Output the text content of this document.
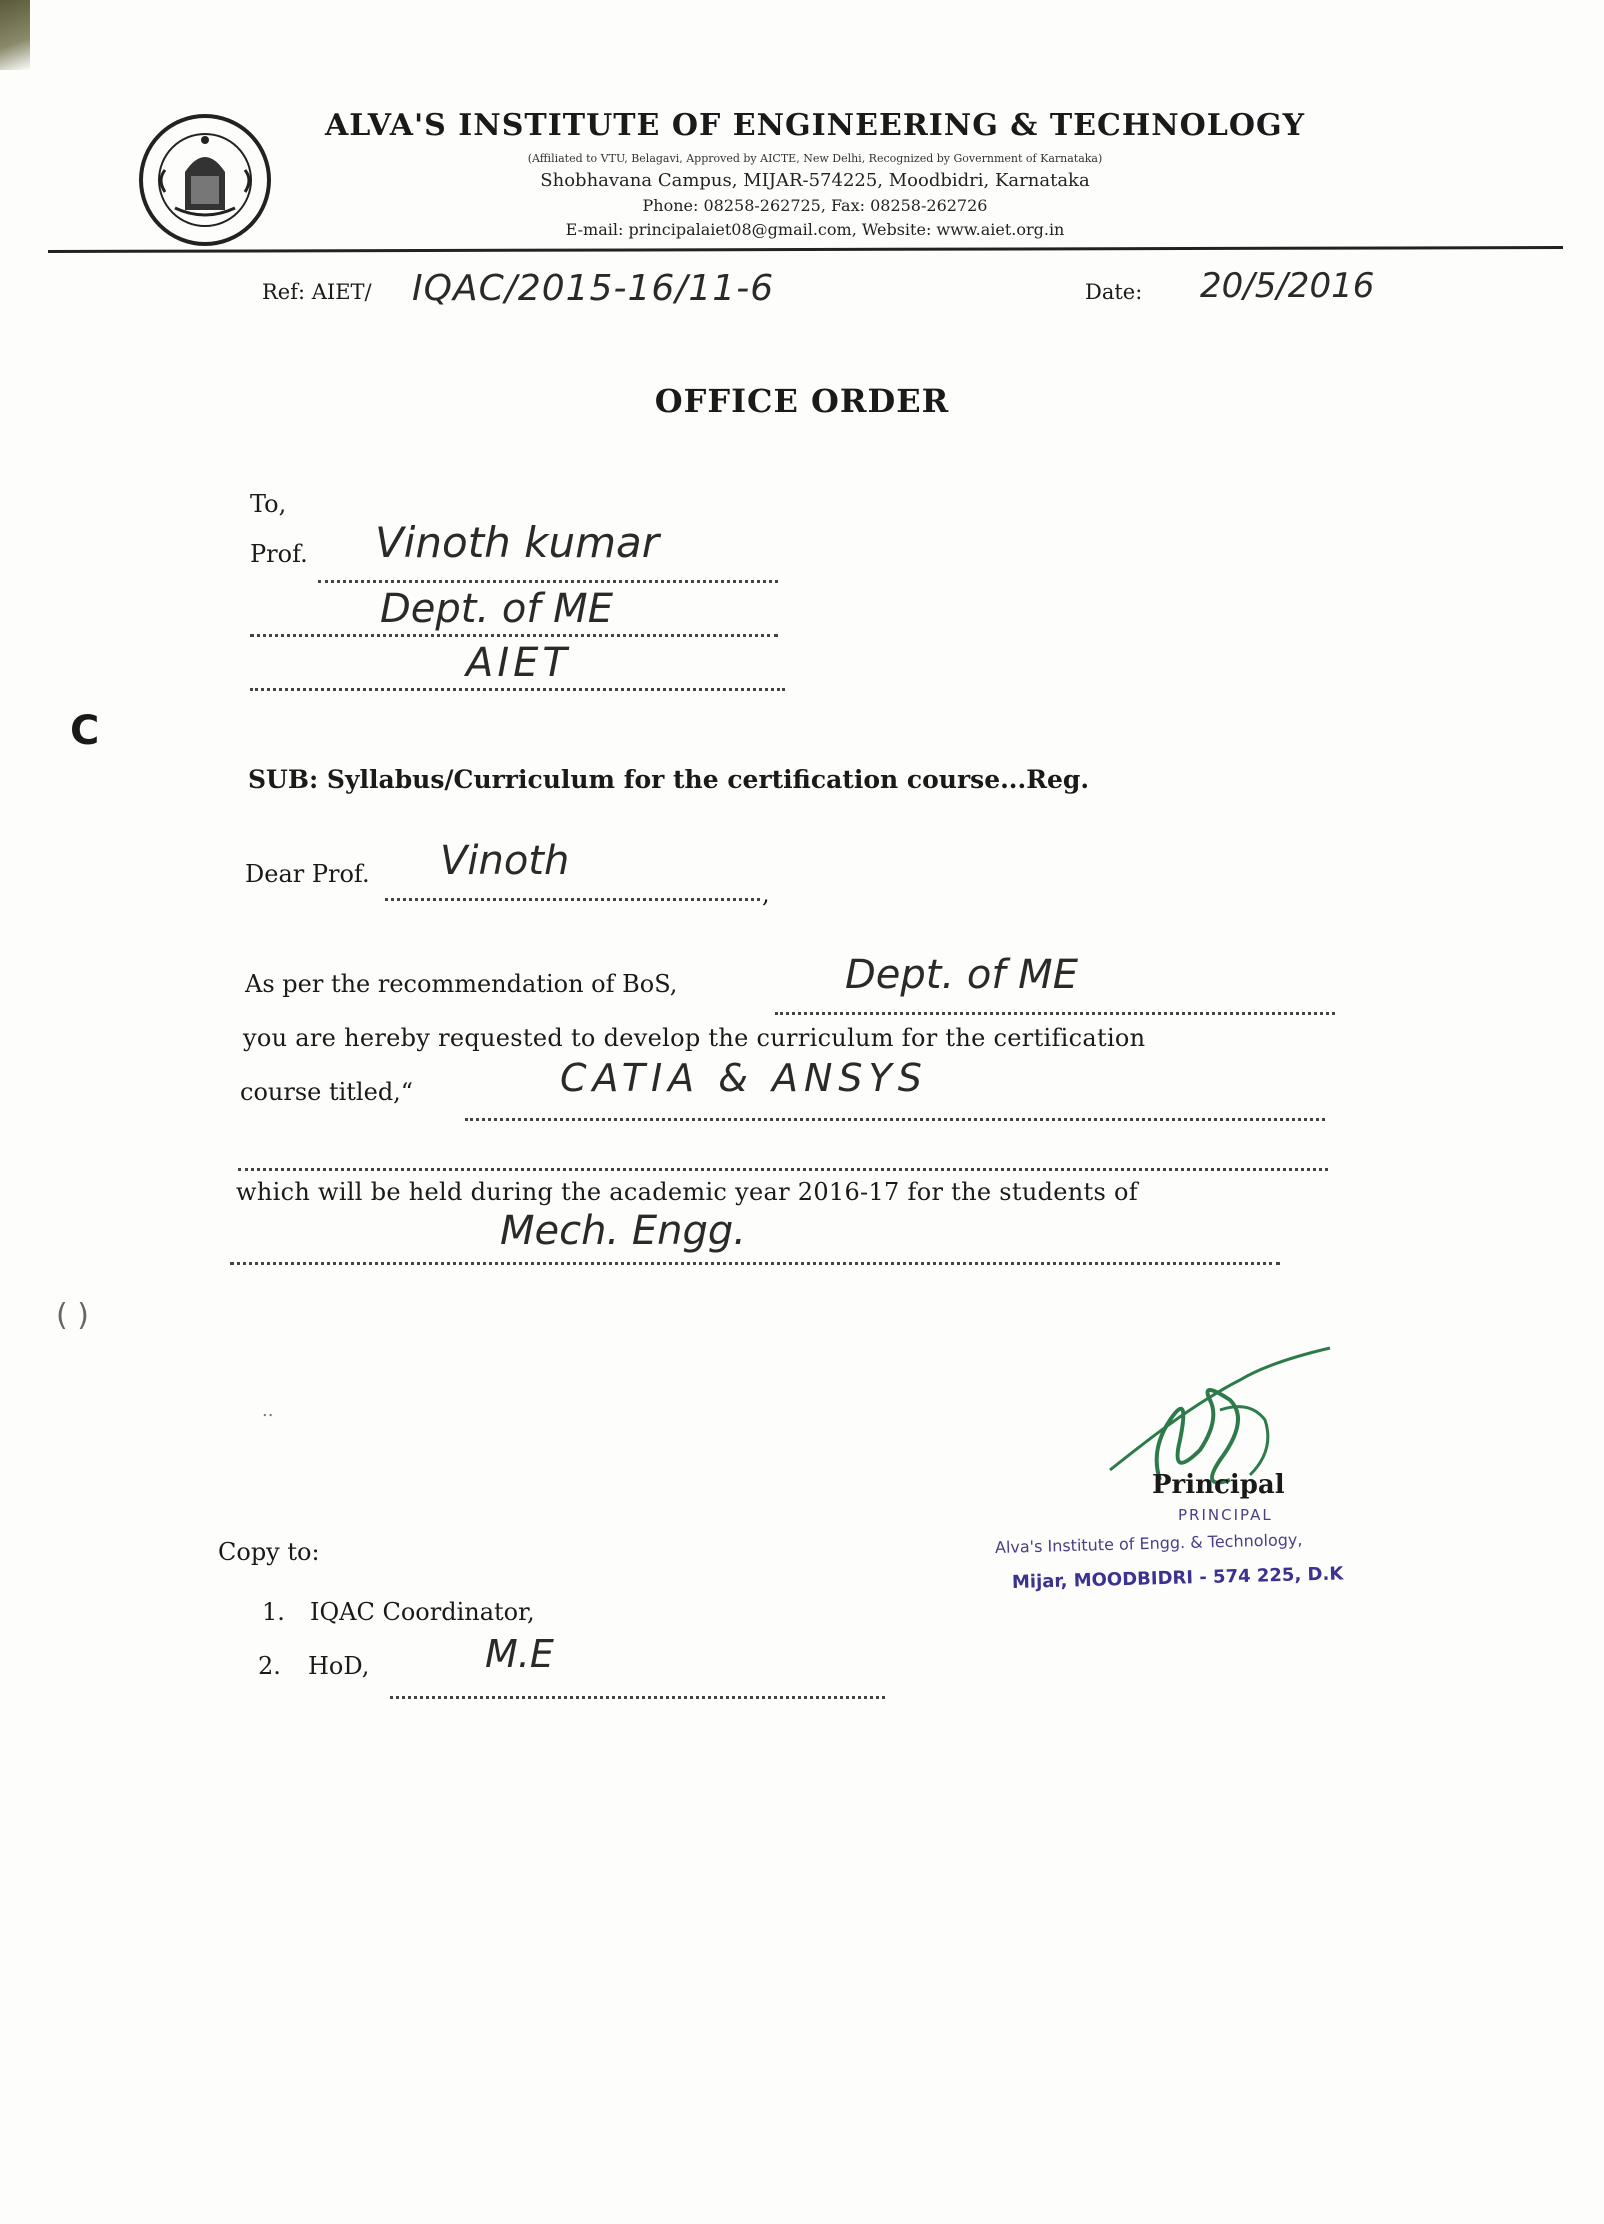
ALVA'S INSTITUTE OF ENGINEERING & TECHNOLOGY
(Affiliated to VTU, Belagavi, Approved by AICTE, New Delhi, Recognized by Government of Karnataka)
Shobhavana Campus, MIJAR-574225, Moodbidri, Karnataka
Phone: 08258-262725, Fax: 08258-262726
E-mail: principalaiet08@gmail.com, Website: www.aiet.org.in
Ref: AIET/ IQAC/2015-16/11-6	Date: 20/5/2016
OFFICE ORDER
To,
Prof. Vinoth kumar
Dept. of ME
AIET
C
SUB: Syllabus/Curriculum for the certification course...Reg.
Dear Prof. Vinoth
,
As per the recommendation of BoS,	Dept. of ME
you are hereby requested to develop the curriculum for the certification
course titled,“	CATIA & ANSYS
which will be held during the academic year 2016-17 for the students of
Mech. Engg.
( )
..
Principal
PRINCIPAL
Alva's Institute of Engg. & Technology,
Mijar, MOODBIDRI - 574 225, D.K
Copy to:
1. IQAC Coordinator,
2. HoD,	M.E
